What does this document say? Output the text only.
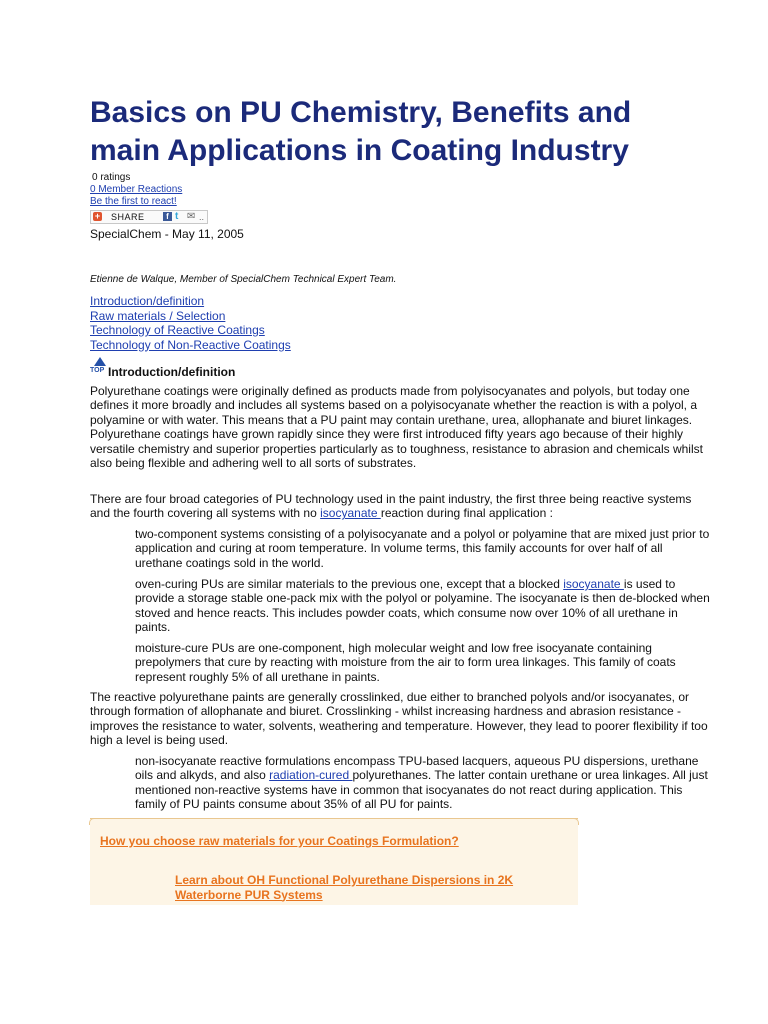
Basics on PU Chemistry, Benefits and main Applications in Coating Industry
0 ratings
0 Member Reactions
Be the first to react!
+ SHARE	f t ✉ ..
SpecialChem - May 11, 2005
Etienne de Walque, Member of SpecialChem Technical Expert Team.
Introduction/definition
Raw materials / Selection
Technology of Reactive Coatings
Technology of Non-Reactive Coatings
TOP Introduction/definition

Polyurethane coatings were originally defined as products made from polyisocyanates and polyols, but today one defines it more broadly and includes all systems based on a polyisocyanate whether the reaction is with a polyol, a polyamine or with water. This means that a PU paint may contain urethane, urea, allophanate and biuret linkages. Polyurethane coatings have grown rapidly since they were first introduced fifty years ago because of their highly versatile chemistry and superior properties particularly as to toughness, resistance to abrasion and chemicals whilst also being flexible and adhering well to all sorts of substrates.

There are four broad categories of PU technology used in the paint industry, the first three being reactive systems and the fourth covering all systems with no isocyanate reaction during final application :

two-component systems consisting of a polyisocyanate and a polyol or polyamine that are mixed just prior to application and curing at room temperature. In volume terms, this family accounts for over half of all urethane coatings sold in the world.

oven-curing PUs are similar materials to the previous one, except that a blocked isocyanate is used to provide a storage stable one-pack mix with the polyol or polyamine. The isocyanate is then de-blocked when stoved and hence reacts. This includes powder coats, which consume now over 10% of all urethane in paints.

moisture-cure PUs are one-component, high molecular weight and low free isocyanate containing prepolymers that cure by reacting with moisture from the air to form urea linkages. This family of coats represent roughly 5% of all urethane in paints.

The reactive polyurethane paints are generally crosslinked, due either to branched polyols and/or isocyanates, or through formation of allophanate and biuret. Crosslinking - whilst increasing hardness and abrasion resistance - improves the resistance to water, solvents, weathering and temperature. However, they lead to poorer flexibility if too high a level is being used.

non-isocyanate reactive formulations encompass TPU-based lacquers, aqueous PU dispersions, urethane oils and alkyds, and also radiation-cured polyurethanes. The latter contain urethane or urea linkages. All just mentioned non-reactive systems have in common that isocyanates do not react during application. This family of PU paints consume about 35% of all PU for paints.

How you choose raw materials for your Coatings Formulation?
Learn about OH Functional Polyurethane Dispersions in 2K Waterborne PUR Systems
